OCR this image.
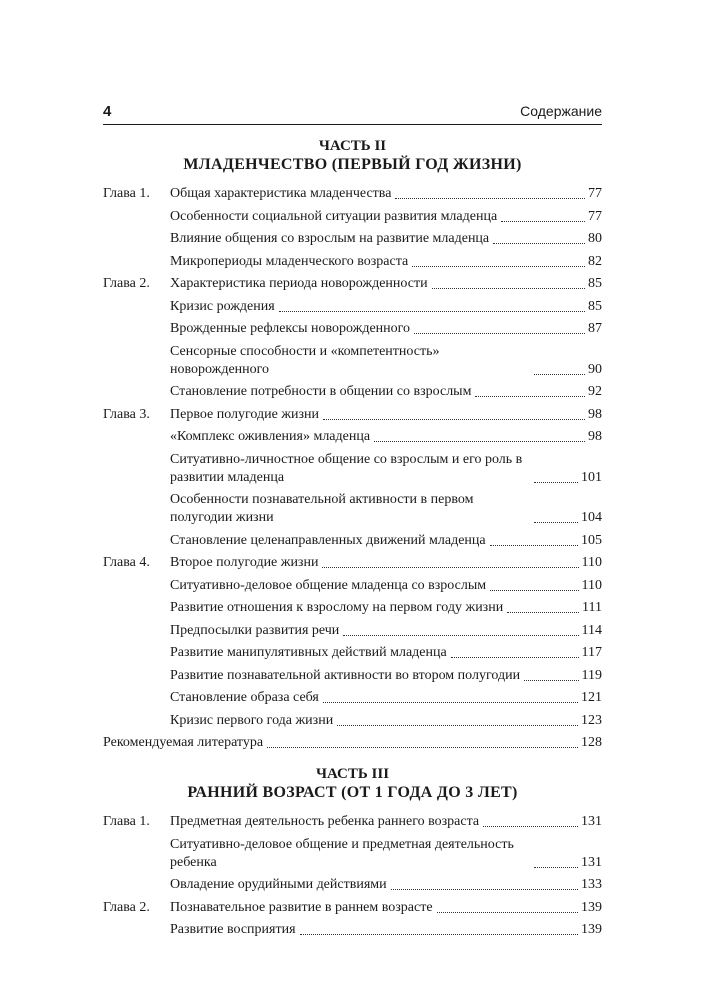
4	Содержание
ЧАСТЬ II
МЛАДЕНЧЕСТВО (ПЕРВЫЙ ГОД ЖИЗНИ)
Глава 1.	Общая характеристика младенчества	77
Особенности социальной ситуации развития младенца	77
Влияние общения со взрослым на развитие младенца	80
Микропериоды младенческого возраста	82
Глава 2.	Характеристика периода новорожденности	85
Кризис рождения	85
Врожденные рефлексы новорожденного	87
Сенсорные способности и «компетентность» новорожденного	90
Становление потребности в общении со взрослым	92
Глава 3.	Первое полугодие жизни	98
«Комплекс оживления» младенца	98
Ситуативно-личностное общение со взрослым и его роль в развитии младенца	101
Особенности познавательной активности в первом полугодии жизни	104
Становление целенаправленных движений младенца	105
Глава 4.	Второе полугодие жизни	110
Ситуативно-деловое общение младенца со взрослым	110
Развитие отношения к взрослому на первом году жизни	111
Предпосылки развития речи	114
Развитие манипулятивных действий младенца	117
Развитие познавательной активности во втором полугодии	119
Становление образа себя	121
Кризис первого года жизни	123
Рекомендуемая литература	128
ЧАСТЬ III
РАННИЙ ВОЗРАСТ (ОТ 1 ГОДА ДО 3 ЛЕТ)
Глава 1.	Предметная деятельность ребенка раннего возраста	131
Ситуативно-деловое общение и предметная деятельность ребенка	131
Овладение орудийными действиями	133
Глава 2.	Познавательное развитие в раннем возрасте	139
Развитие восприятия	139
